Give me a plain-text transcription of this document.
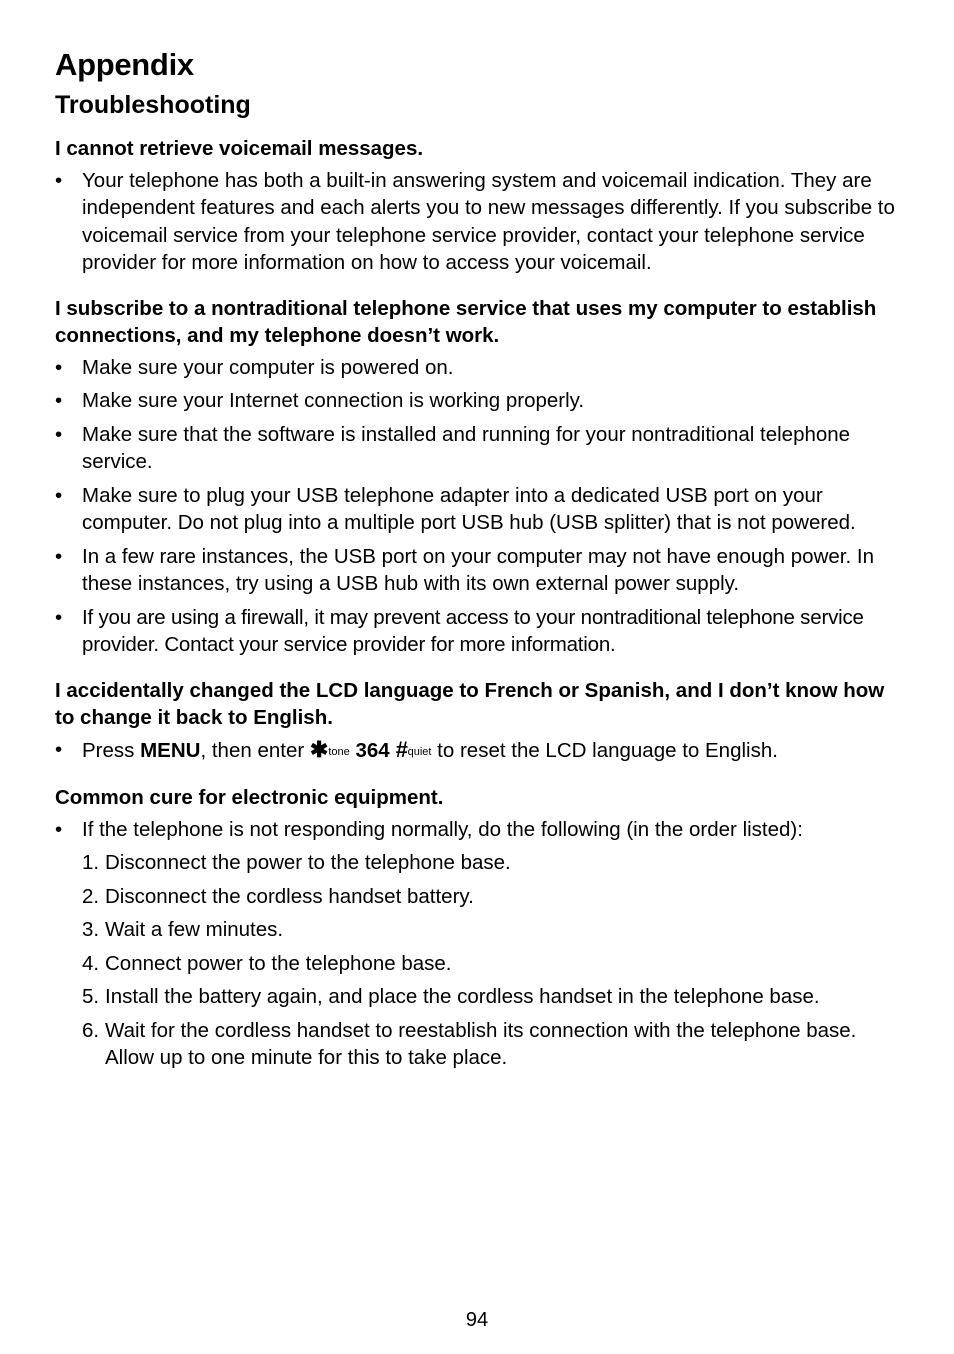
Appendix
Troubleshooting
I cannot retrieve voicemail messages.
• Your telephone has both a built-in answering system and voicemail indication. They are independent features and each alerts you to new messages differently. If you subscribe to voicemail service from your telephone service provider, contact your telephone service provider for more information on how to access your voicemail.
I subscribe to a nontraditional telephone service that uses my computer to establish connections, and my telephone doesn’t work.
• Make sure your computer is powered on.
• Make sure your Internet connection is working properly.
• Make sure that the software is installed and running for your nontraditional telephone service.
• Make sure to plug your USB telephone adapter into a dedicated USB port on your computer. Do not plug into a multiple port USB hub (USB splitter) that is not powered.
• In a few rare instances, the USB port on your computer may not have enough power. In these instances, try using a USB hub with its own external power supply.
• If you are using a firewall, it may prevent access to your nontraditional telephone service provider. Contact your service provider for more information.
I accidentally changed the LCD language to French or Spanish, and I don’t know how to change it back to English.
• Press MENU, then enter ✱tone 364 #quiet to reset the LCD language to English.
Common cure for electronic equipment.
• If the telephone is not responding normally, do the following (in the order listed):
1. Disconnect the power to the telephone base.
2. Disconnect the cordless handset battery.
3. Wait a few minutes.
4. Connect power to the telephone base.
5. Install the battery again, and place the cordless handset in the telephone base.
6. Wait for the cordless handset to reestablish its connection with the telephone base. Allow up to one minute for this to take place.
94
